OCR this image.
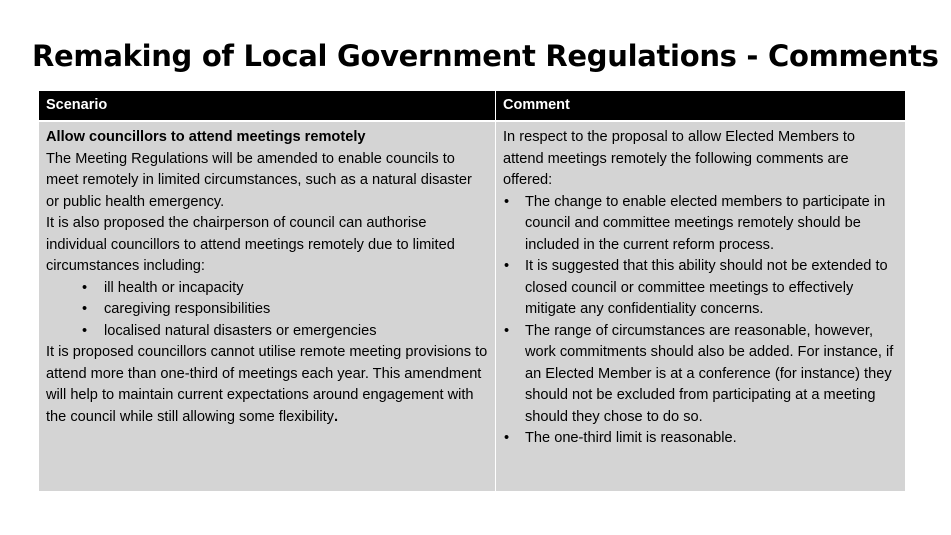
Remaking of Local Government Regulations - Comments
Scenario	Comment

Allow councillors to attend meetings remotely

The Meeting Regulations will be amended to enable councils to meet remotely in limited circumstances, such as a natural disaster or public health emergency.

It is also proposed the chairperson of council can authorise individual councillors to attend meetings remotely due to limited circumstances including:

• ill health or incapacity
• caregiving responsibilities
• localised natural disasters or emergencies

It is proposed councillors cannot utilise remote meeting provisions to attend more than one-third of meetings each year. This amendment will help to maintain current expectations around engagement with the council while still allowing some flexibility.

In respect to the proposal to allow Elected Members to attend meetings remotely the following comments are offered:

• The change to enable elected members to participate in council and committee meetings remotely should be included in the current reform process.
• It is suggested that this ability should not be extended to closed council or committee meetings to effectively mitigate any confidentiality concerns.
• The range of circumstances are reasonable, however, work commitments should also be added. For instance, if an Elected Member is at a conference (for instance) they should not be excluded from participating at a meeting should they chose to do so.
• The one-third limit is reasonable.
